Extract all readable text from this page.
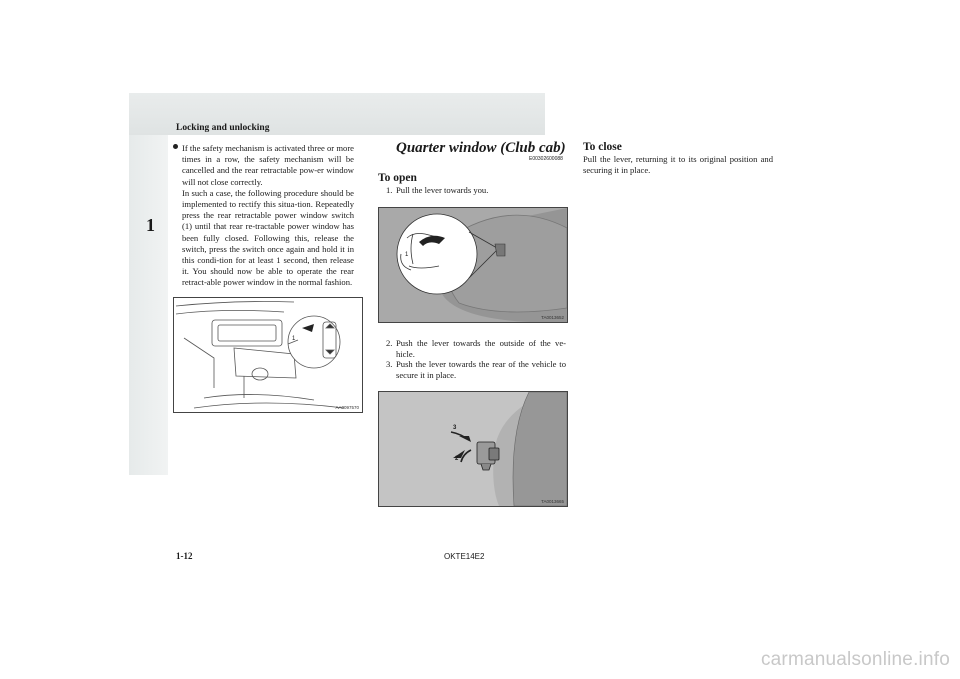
Locking and unlocking
1
If the safety mechanism is activated three or more times in a row, the safety mechanism will be cancelled and the rear retractable pow-er window will not close correctly.
In such a case, the following procedure should be implemented to rectify this situa-tion. Repeatedly press the rear retractable power window switch (1) until that rear re-tractable power window has been fully closed. Following this, release the switch, press the switch once again and hold it in this condi-tion for at least 1 second, then release it. You should now be able to operate the rear retract-able power window in the normal fashion.
1
AA0097570
Quarter window (Club cab)
E00302600088
To open
1. Pull the lever towards you.
1
TA0013652
2. Push the lever towards the outside of the ve-hicle.
3. Push the lever towards the rear of the vehicle to secure it in place.
3
2
TA0013665
To close
Pull the lever, returning it to its original position and securing it in place.
1-12	OKTE14E2
carmanualsonline.info
